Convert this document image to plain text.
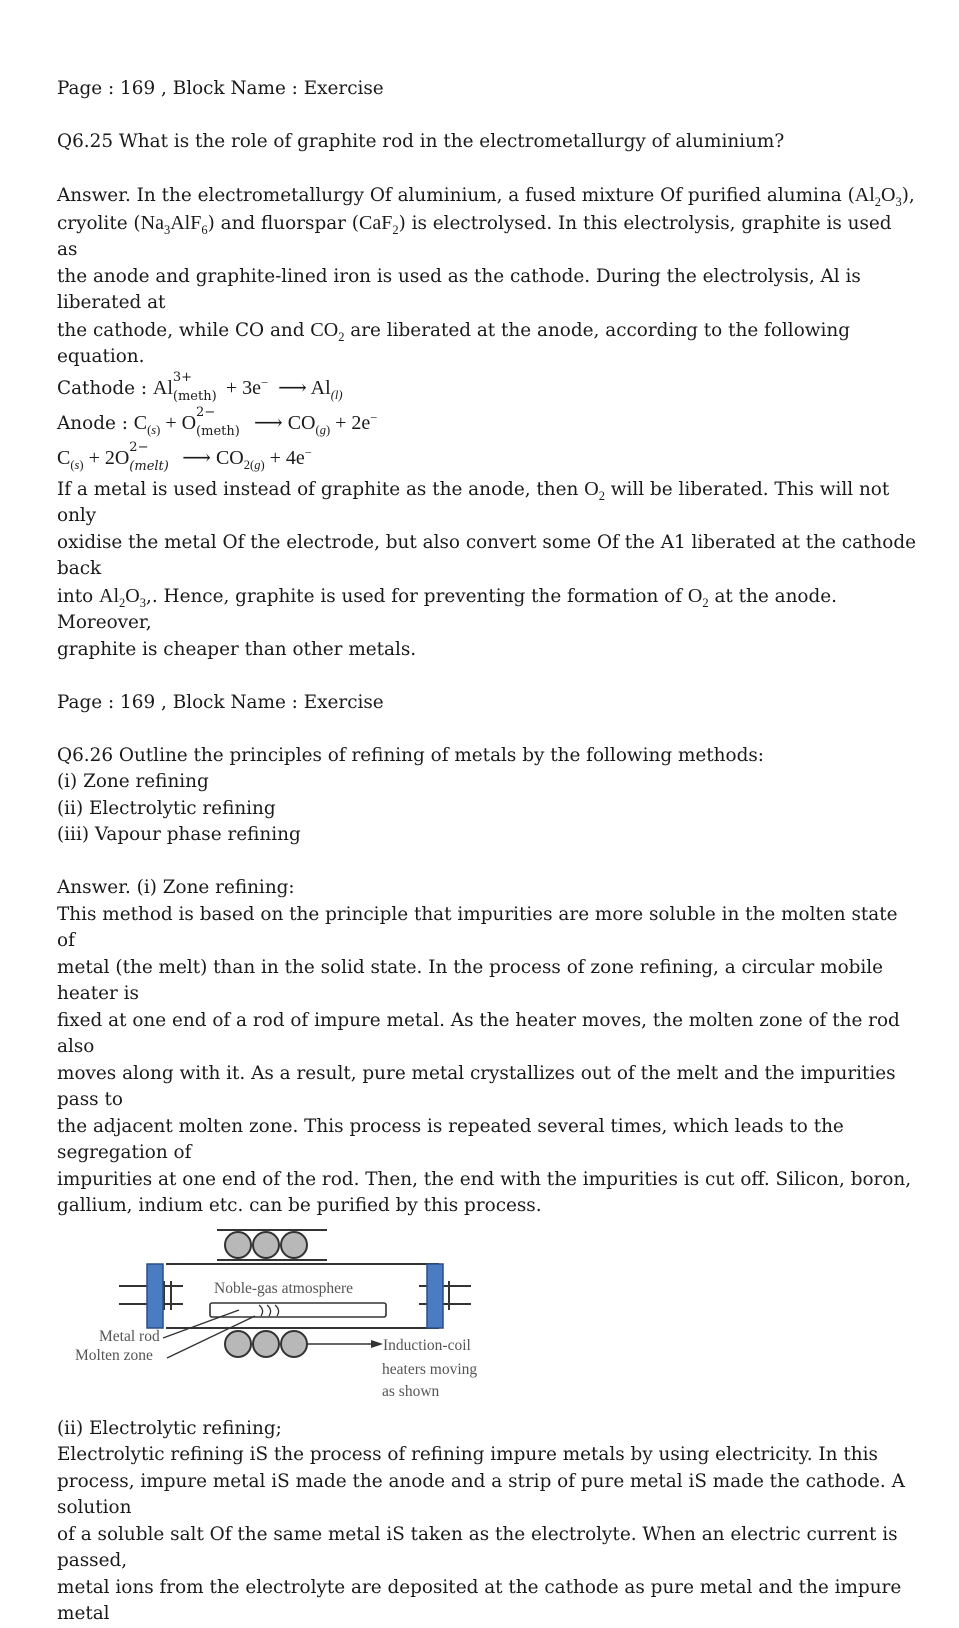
Page : 169 , Block Name : Exercise

Q6.25 What is the role of graphite rod in the electrometallurgy of aluminium?

Answer. In the electrometallurgy Of aluminium, a fused mixture Of purified alumina $(Al_2O_3)$,

cryolite $(Na_3AlF_6)$ and fluorspar (CaF$_2$) is electrolysed. In this electrolysis, graphite is used as

the anode and graphite-lined iron is used as the cathode. During the electrolysis, Al is liberated at

the cathode, while CO and $CO_2$ are liberated at the anode, according to the following equation.

Cathode : Al 3+
(meth) + 3e−  ⟶ $Al_{(l)}$

Anode : $C_{(s)} + O$ 2−
(meth) ⟶ $CO_{(g)} + 2e^-$

$C_{(s)} + 2O$ 2−
(melt) ⟶ $CO_{2(g)} + 4e^-$

If a metal is used instead of graphite as the anode, then $O_2$ will be liberated. This will not only

oxidise the metal Of the electrode, but also convert some Of the A1 liberated at the cathode back

into $Al_2O_3$,. Hence, graphite is used for preventing the formation of $O_2$ at the anode. Moreover,

graphite is cheaper than other metals.

Page : 169 , Block Name : Exercise

Q6.26 Outline the principles of refining of metals by the following methods:

(i) Zone refining

(ii) Electrolytic refining

(iii) Vapour phase refining

Answer. (i) Zone refining:

This method is based on the principle that impurities are more soluble in the molten state of

metal (the melt) than in the solid state. In the process of zone refining, a circular mobile heater is

fixed at one end of a rod of impure metal. As the heater moves, the molten zone of the rod also

moves along with it. As a result, pure metal crystallizes out of the melt and the impurities pass to

the adjacent molten zone. This process is repeated several times, which leads to the segregation of

impurities at one end of the rod. Then, the end with the impurities is cut off. Silicon, boron,

gallium, indium etc. can be purified by this process.

Noble-gas atmosphere
Metal rod
Molten zone
Induction-coil
heaters moving
as shown

(ii) Electrolytic refining;

Electrolytic refining iS the process of refining impure metals by using electricity. In this

process, impure metal iS made the anode and a strip of pure metal iS made the cathode. A solution

of a soluble salt Of the same metal iS taken as the electrolyte. When an electric current is passed,

metal ions from the electrolyte are deposited at the cathode as pure metal and the impure metal
